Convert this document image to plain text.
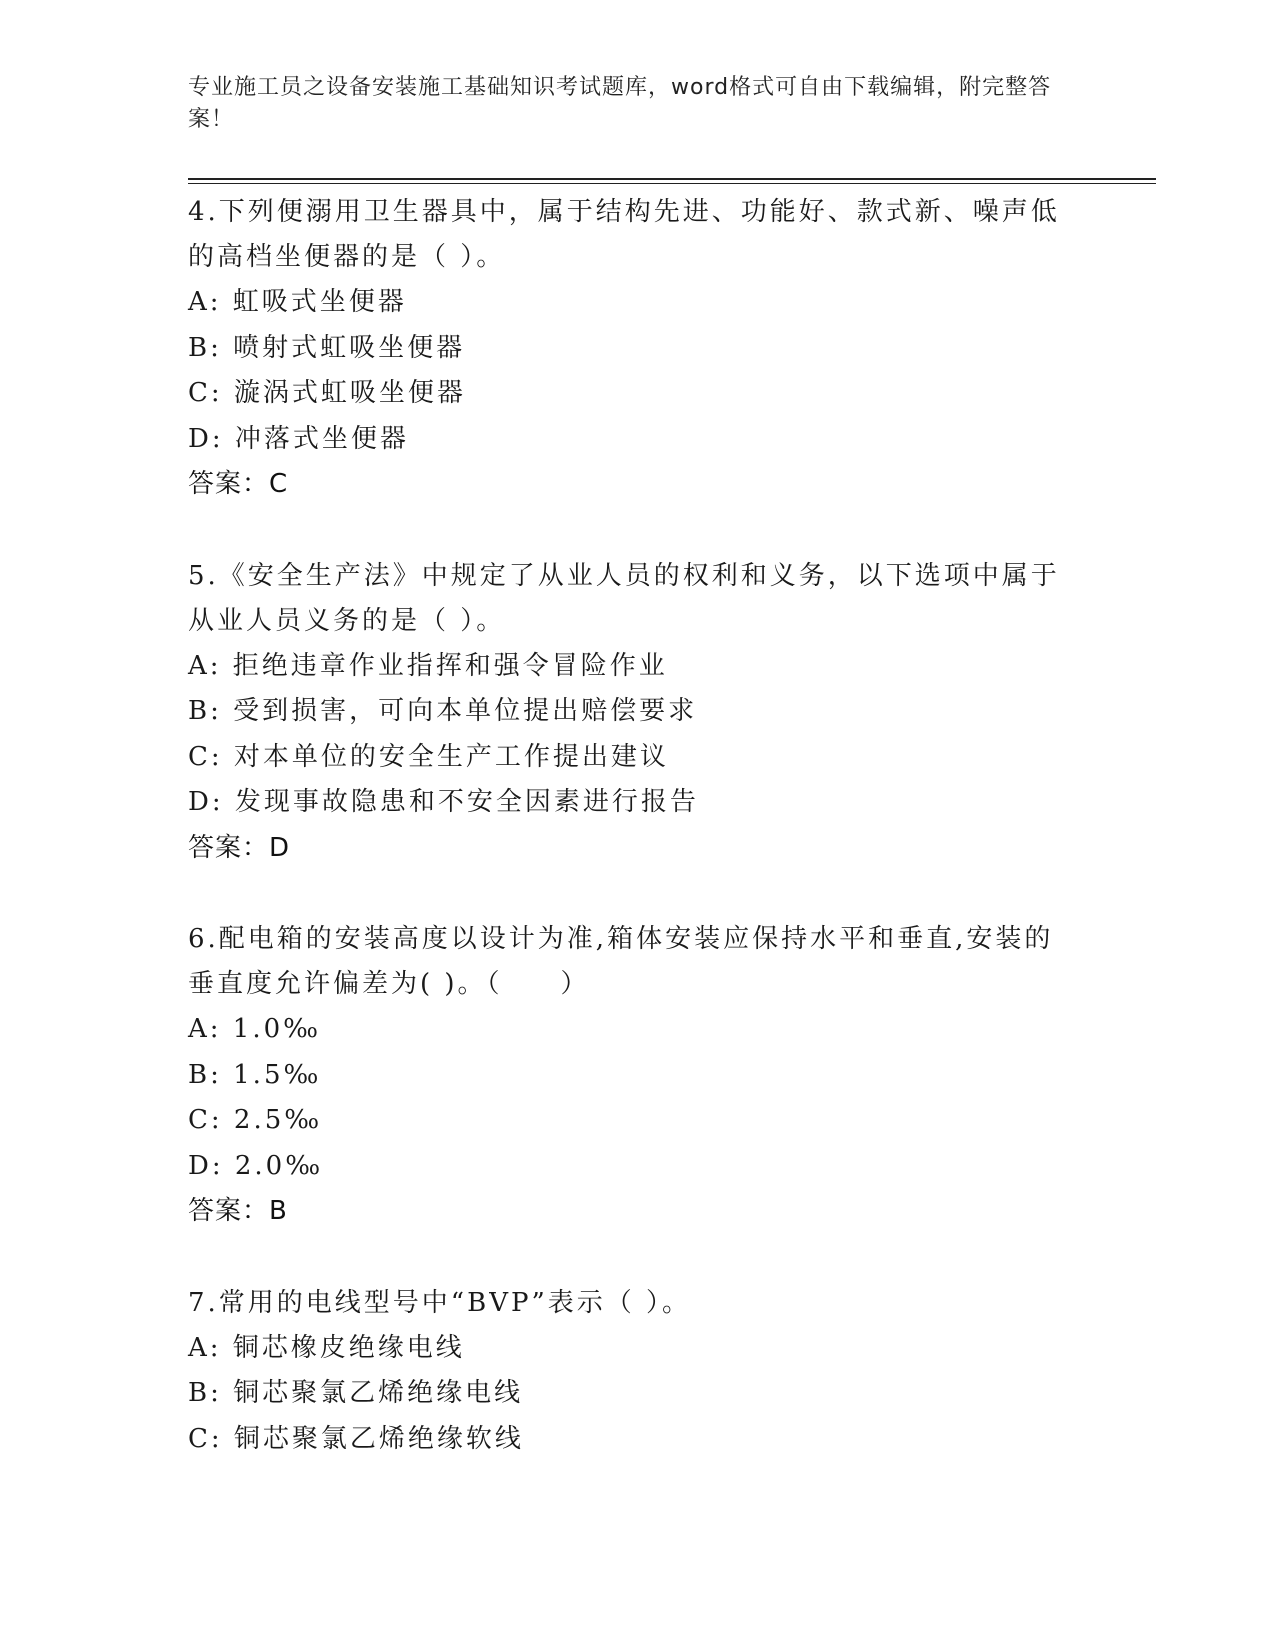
专业施工员之设备安装施工基础知识考试题库，word格式可自由下载编辑，附完整答案！
4.下列便溺用卫生器具中，属于结构先进、功能好、款式新、噪声低的高档坐便器的是（ ）。
A: 虹吸式坐便器
B: 喷射式虹吸坐便器
C: 漩涡式虹吸坐便器
D: 冲落式坐便器
答案：C
5.《安全生产法》中规定了从业人员的权利和义务，以下选项中属于从业人员义务的是（ ）。
A: 拒绝违章作业指挥和强令冒险作业
B: 受到损害，可向本单位提出赔偿要求
C: 对本单位的安全生产工作提出建议
D: 发现事故隐患和不安全因素进行报告
答案：D
6.配电箱的安装高度以设计为准,箱体安装应保持水平和垂直,安装的垂直度允许偏差为( )。（　　）
A: 1.0‰
B: 1.5‰
C: 2.5‰
D: 2.0‰
答案：B
7.常用的电线型号中“BVP”表示（ ）。
A: 铜芯橡皮绝缘电线
B: 铜芯聚氯乙烯绝缘电线
C: 铜芯聚氯乙烯绝缘软线
